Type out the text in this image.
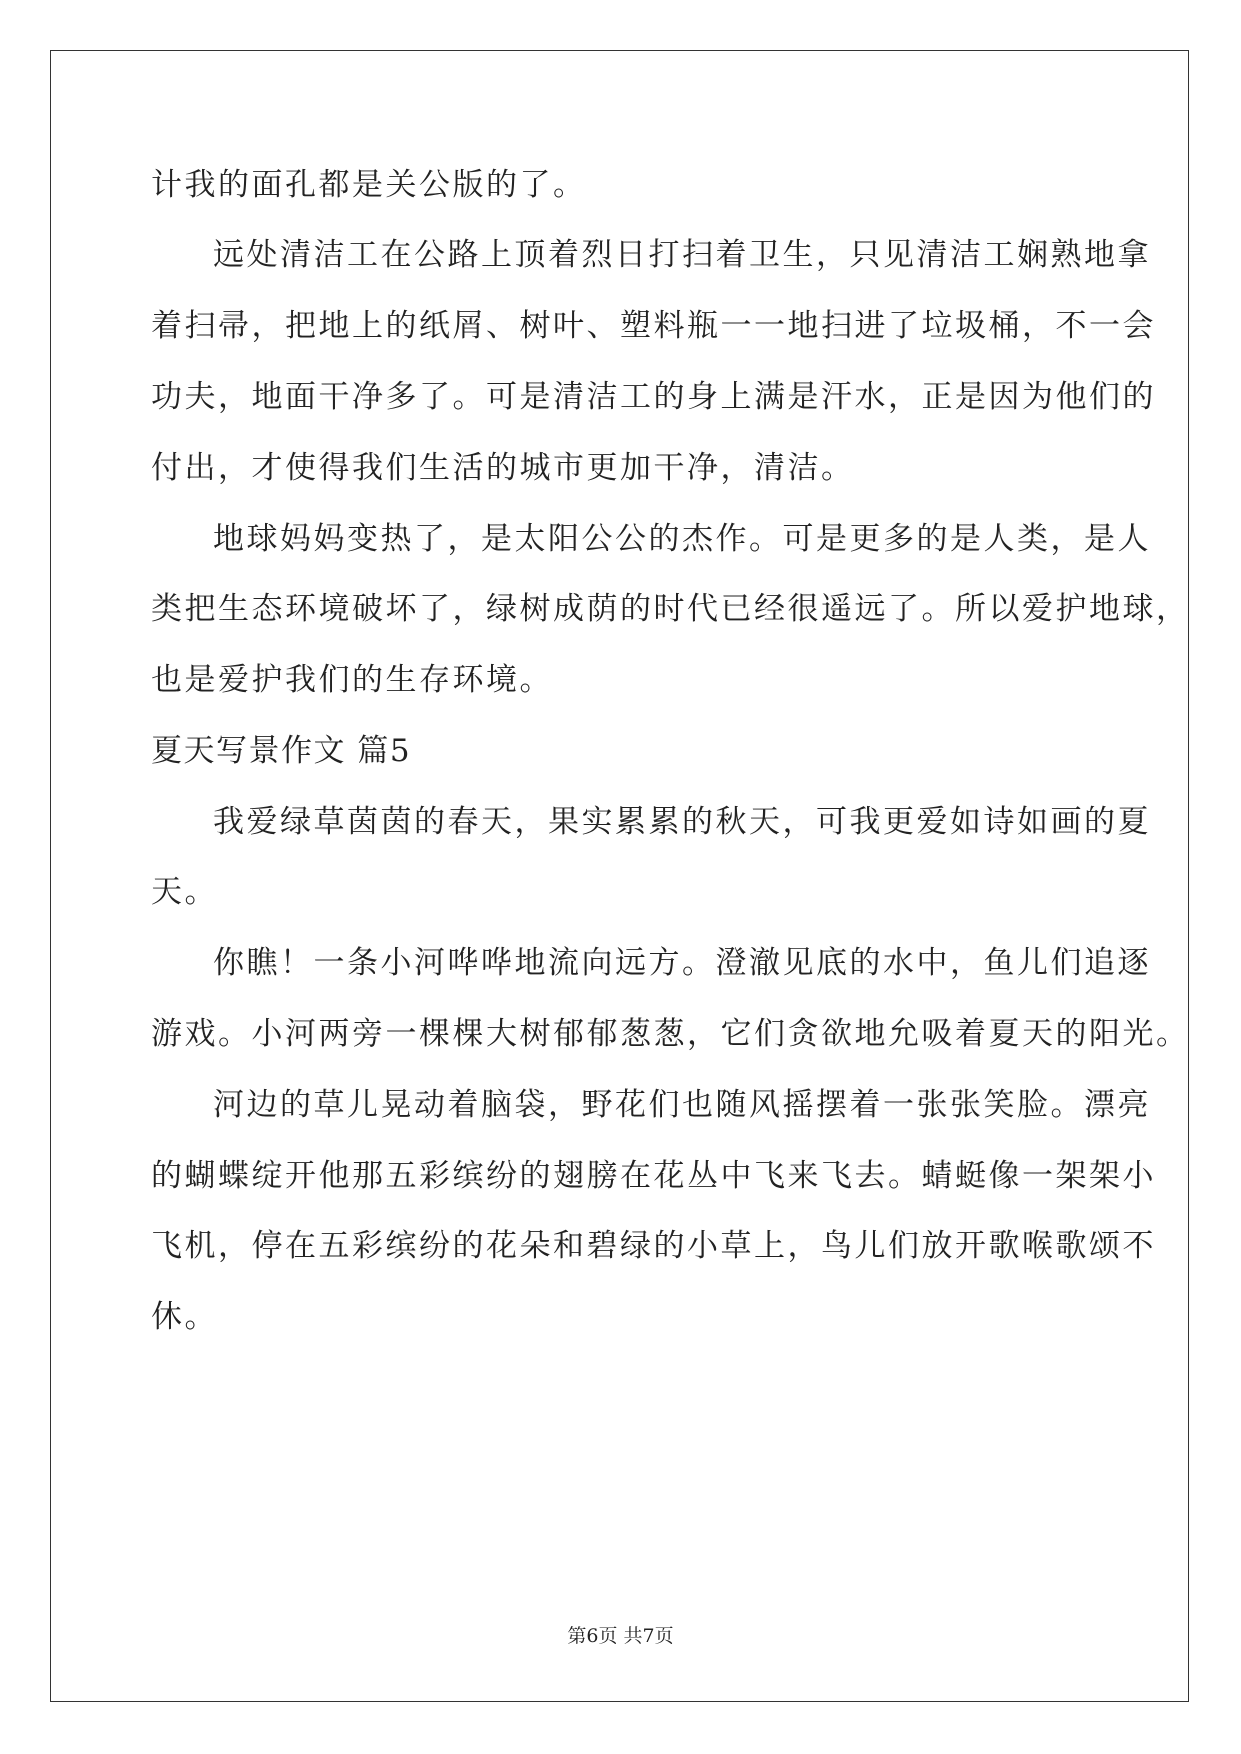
计我的面孔都是关公版的了。
远处清洁工在公路上顶着烈日打扫着卫生，只见清洁工娴熟地拿
着扫帚，把地上的纸屑、树叶、塑料瓶一一地扫进了垃圾桶，不一会
功夫，地面干净多了。可是清洁工的身上满是汗水，正是因为他们的
付出，才使得我们生活的城市更加干净，清洁。
地球妈妈变热了，是太阳公公的杰作。可是更多的是人类，是人
类把生态环境破坏了，绿树成荫的时代已经很遥远了。所以爱护地球，
也是爱护我们的生存环境。
夏天写景作文 篇5
我爱绿草茵茵的春天，果实累累的秋天，可我更爱如诗如画的夏
天。
你瞧！一条小河哗哗地流向远方。澄澈见底的水中，鱼儿们追逐
游戏。小河两旁一棵棵大树郁郁葱葱，它们贪欲地允吸着夏天的阳光。
河边的草儿晃动着脑袋，野花们也随风摇摆着一张张笑脸。漂亮
的蝴蝶绽开他那五彩缤纷的翅膀在花丛中飞来飞去。蜻蜓像一架架小
飞机，停在五彩缤纷的花朵和碧绿的小草上，鸟儿们放开歌喉歌颂不
休。
第6页 共7页
